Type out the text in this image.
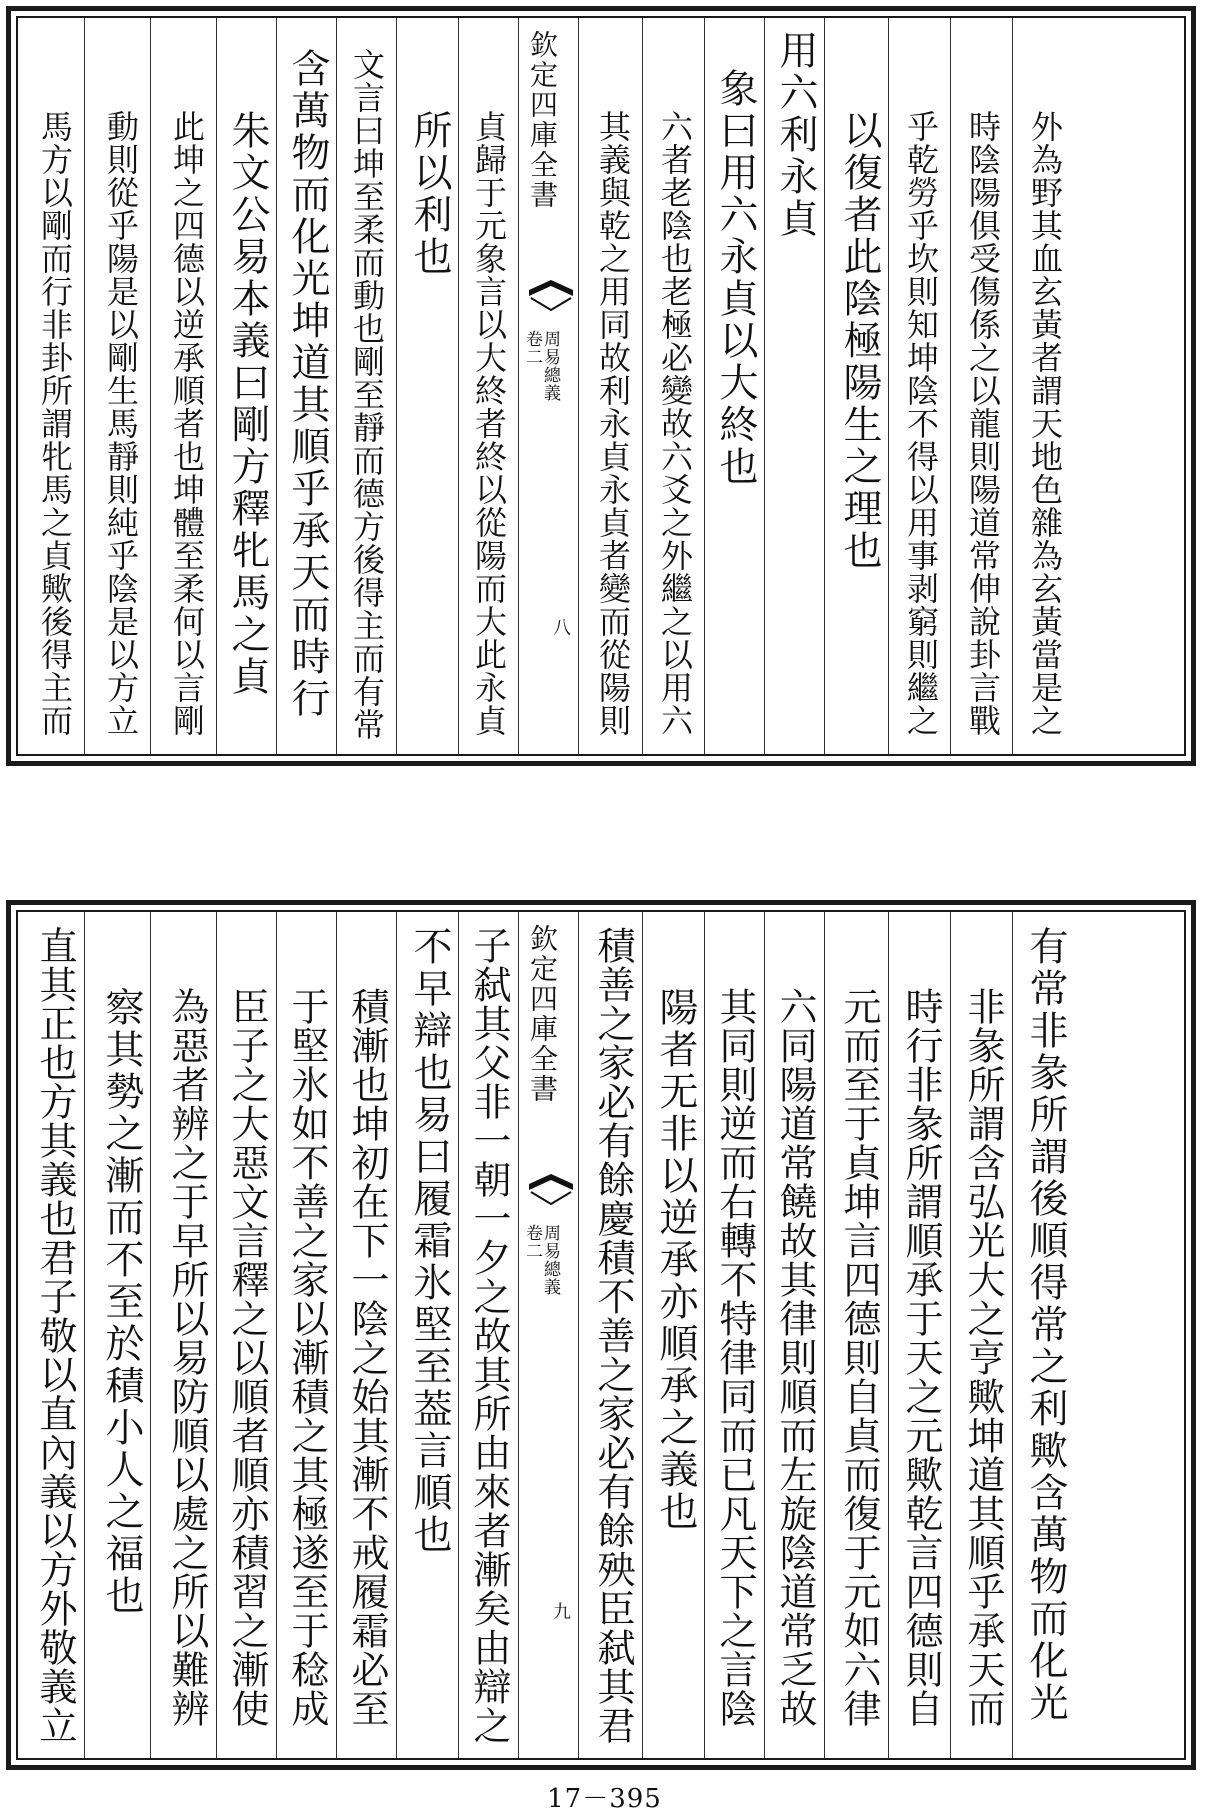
馬方以剛而行非卦所謂牝馬之貞歟後得主而 動則從乎陽是以剛生馬靜則純乎陰是以方立 此坤之四德以逆承順者也坤體至柔何以言剛 朱文公易本義曰剛方釋牝馬之貞 含萬物而化光坤道其順乎承天而時行 文言曰坤至柔而動也剛至靜而德方後得主而有常 所以利也 貞歸于元象言以大終者終以從陽而大此永貞 欽定四庫全書
周易總義
卷二
八 其義與乾之用同故利永貞永貞者變而從陽則 六者老陰也老極必變故六爻之外繼之以用六 象曰用六永貞以大終也 用六利永貞 以復者此陰極陽生之理也 乎乾勞乎坎則知坤陰不得以用事剥窮則繼之 時陰陽俱受傷係之以龍則陽道常伸說卦言戰 外為野其血玄黃者謂天地色雜為玄黃當是之
直其正也方其義也君子敬以直內義以方外敬義立 察其勢之漸而不至於積小人之福也 為惡者辨之于早所以易防順以處之所以難辨 臣子之大惡文言釋之以順者順亦積習之漸使 于堅氷如不善之家以漸積之其極遂至于稔成 積漸也坤初在下一陰之始其漸不戒履霜必至 不早辯也易曰履霜氷堅至葢言順也 子弑其父非一朝一夕之故其所由來者漸矣由辯之 欽定四庫全書
周易總義
卷二
九 積善之家必有餘慶積不善之家必有餘殃臣弑其君 陽者无非以逆承亦順承之義也 其同則逆而右轉不特律同而已凡天下之言陰 六同陽道常饒故其律則順而左旋陰道常乏故 元而至于貞坤言四德則自貞而復于元如六律 時行非彖所謂順承于天之元歟乾言四德則自 非彖所謂含弘光大之亨歟坤道其順乎承天而 有常非彖所謂後順得常之利歟含萬物而化光
17－395
